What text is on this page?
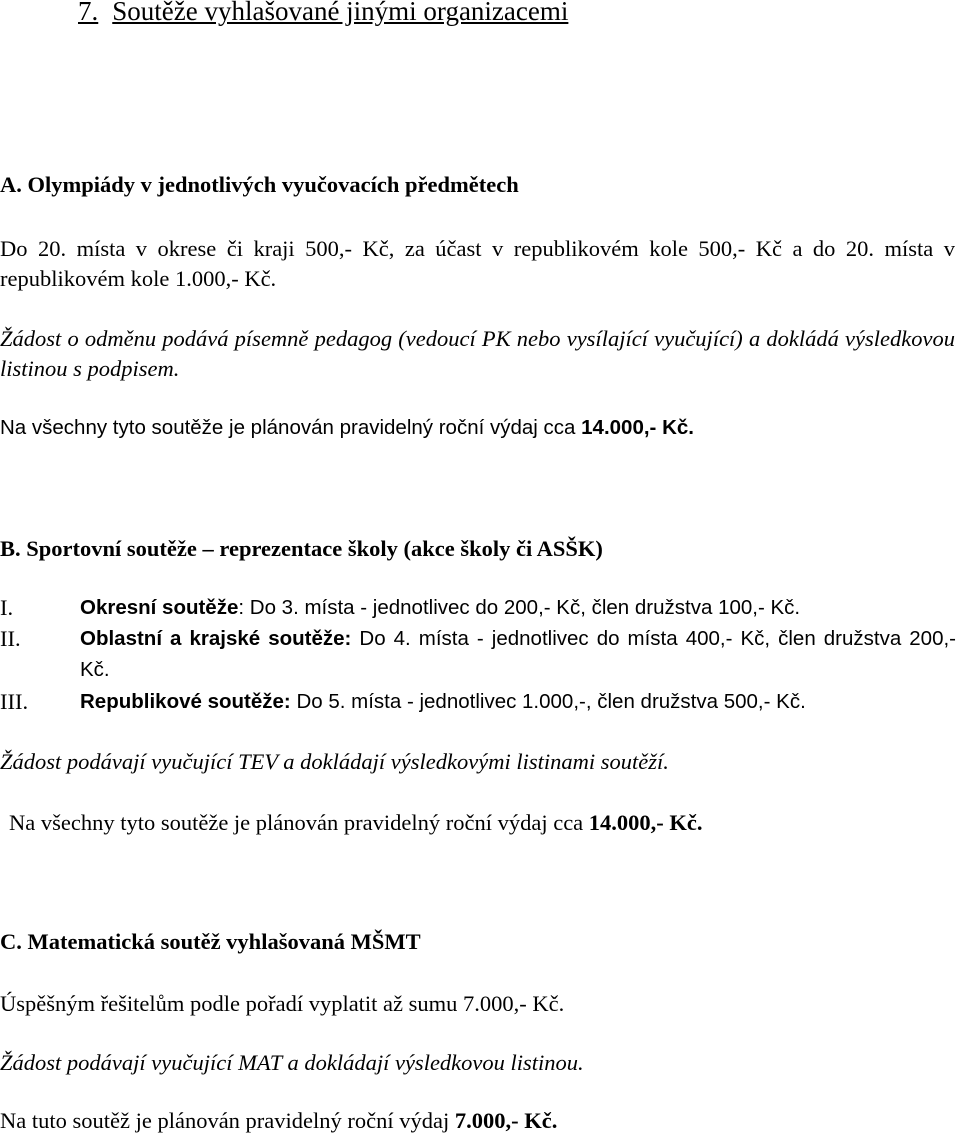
7. Soutěže vyhlašované jinými organizacemi
A. Olympiády v jednotlivých vyučovacích předmětech
Do 20. místa v okrese či kraji 500,- Kč, za účast v republikovém kole 500,- Kč a do 20. místa v republikovém kole 1.000,- Kč.
Žádost o odměnu podává písemně pedagog (vedoucí PK nebo vysílající vyučující) a dokládá výsledkovou listinou s podpisem.
Na všechny tyto soutěže je plánován pravidelný roční výdaj cca 14.000,- Kč.
B. Sportovní soutěže – reprezentace školy (akce školy či ASŠK)
I.	Okresní soutěže: Do 3. místa - jednotlivec do 200,- Kč, člen družstva 100,- Kč.
II.	Oblastní a krajské soutěže: Do 4. místa - jednotlivec do místa 400,- Kč, člen družstva 200,- Kč.
III.	Republikové soutěže: Do 5. místa - jednotlivec 1.000,-, člen družstva 500,- Kč.
Žádost podávají vyučující TEV a dokládají výsledkovými listinami soutěží.
Na všechny tyto soutěže je plánován pravidelný roční výdaj cca 14.000,- Kč.
C. Matematická soutěž vyhlašovaná MŠMT
Úspěšným řešitelům podle pořadí vyplatit až sumu 7.000,- Kč.
Žádost podávají vyučující MAT a dokládají výsledkovou listinou.
Na tuto soutěž je plánován pravidelný roční výdaj 7.000,- Kč.
